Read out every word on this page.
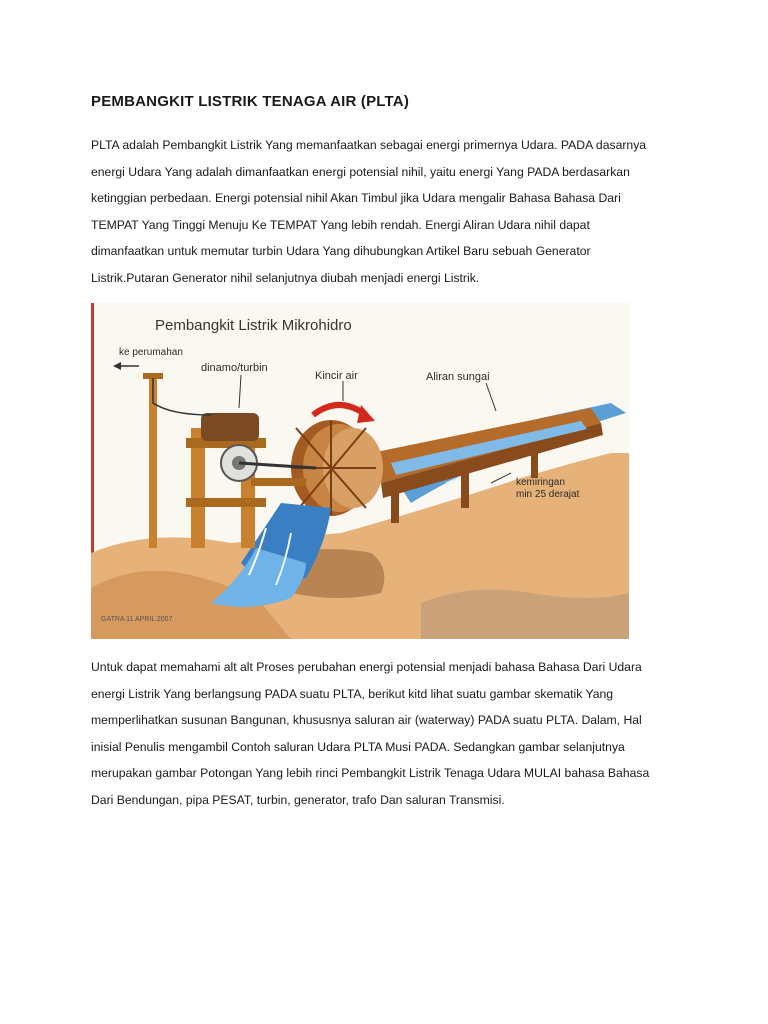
PEMBANGKIT LISTRIK TENAGA AIR (PLTA)

PLTA adalah Pembangkit Listrik Yang memanfaatkan sebagai energi primernya Udara. PADA dasarnya
energi Udara Yang adalah dimanfaatkan energi potensial nihil, yaitu energi Yang PADA berdasarkan
ketinggian perbedaan. Energi potensial nihil Akan Timbul jika Udara mengalir Bahasa Bahasa Dari
TEMPAT Yang Tinggi Menuju Ke TEMPAT Yang lebih rendah. Energi Aliran Udara nihil dapat
dimanfaatkan untuk memutar turbin Udara Yang dihubungkan Artikel Baru sebuah Generator
Listrik.Putaran Generator nihil selanjutnya diubah menjadi energi Listrik.

Pembangkit Listrik Mikrohidro
ke perumahan
dinamo/turbin
Kincir air	Aliran sungai
kemiringan
min 25 derajat
GATRA 11 APRIL 2007

Untuk dapat memahami alt alt Proses perubahan energi potensial menjadi bahasa Bahasa Dari Udara
energi Listrik Yang berlangsung PADA suatu PLTA, berikut kitd lihat suatu gambar skematik Yang
memperlihatkan susunan Bangunan, khususnya saluran air (waterway) PADA suatu PLTA. Dalam, Hal
inisial Penulis mengambil Contoh saluran Udara PLTA Musi PADA. Sedangkan gambar selanjutnya
merupakan gambar Potongan Yang lebih rinci Pembangkit Listrik Tenaga Udara MULAI bahasa Bahasa
Dari Bendungan, pipa PESAT, turbin, generator, trafo Dan saluran Transmisi.
